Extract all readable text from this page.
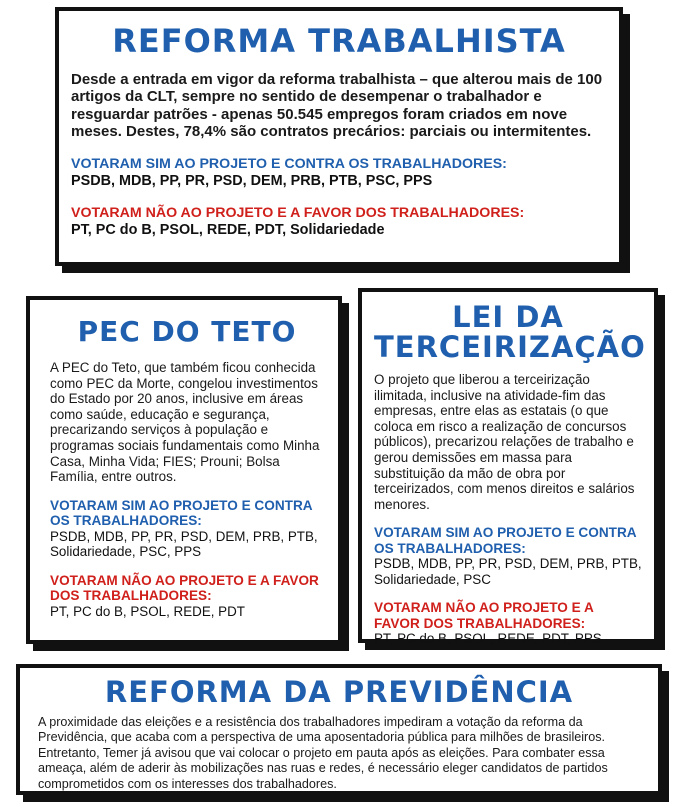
REFORMA TRABALHISTA

Desde a entrada em vigor da reforma trabalhista – que alterou mais de 100 artigos da CLT, sempre no sentido de desempenar o trabalhador e resguardar patrões - apenas 50.545 empregos foram criados em nove meses. Destes, 78,4% são contratos precários: parciais ou intermitentes.

VOTARAM SIM AO PROJETO E CONTRA OS TRABALHADORES:

PSDB, MDB, PP, PR, PSD, DEM, PRB, PTB, PSC, PPS

VOTARAM NÃO AO PROJETO E A FAVOR DOS TRABALHADORES:

PT, PC do B, PSOL, REDE, PDT, Solidariedade

PEC DO TETO

A PEC do Teto, que também ficou conhecida como PEC da Morte, congelou investimentos do Estado por 20 anos, inclusive em áreas como saúde, educação e segurança, precarizando serviços à população e programas sociais fundamentais como Minha Casa, Minha Vida; FIES; Prouni; Bolsa Família, entre outros.

VOTARAM SIM AO PROJETO E CONTRA OS TRABALHADORES:

PSDB, MDB, PP, PR, PSD, DEM, PRB, PTB, Solidariedade, PSC, PPS

VOTARAM NÃO AO PROJETO E A FAVOR DOS TRABALHADORES:

PT, PC do B, PSOL, REDE, PDT

LEI DA
TERCEIRIZAÇÃO

O projeto que liberou a terceirização ilimitada, inclusive na atividade-fim das empresas, entre elas as estatais (o que coloca em risco a realização de concursos públicos), precarizou relações de trabalho e gerou demissões em massa para substituição da mão de obra por terceirizados, com menos direitos e salários menores.

VOTARAM SIM AO PROJETO E CONTRA OS TRABALHADORES:

PSDB, MDB, PP, PR, PSD, DEM, PRB, PTB, Solidariedade, PSC

VOTARAM NÃO AO PROJETO E A FAVOR DOS TRABALHADORES:

PT, PC do B, PSOL, REDE, PDT, PPS

REFORMA DA PREVIDÊNCIA

A proximidade das eleições e a resistência dos trabalhadores impediram a votação da reforma da Previdência, que acaba com a perspectiva de uma aposentadoria pública para milhões de brasileiros. Entretanto, Temer já avisou que vai colocar o projeto em pauta após as eleições. Para combater essa ameaça, além de aderir às mobilizações nas ruas e redes, é necessário eleger candidatos de partidos comprometidos com os interesses dos trabalhadores.
